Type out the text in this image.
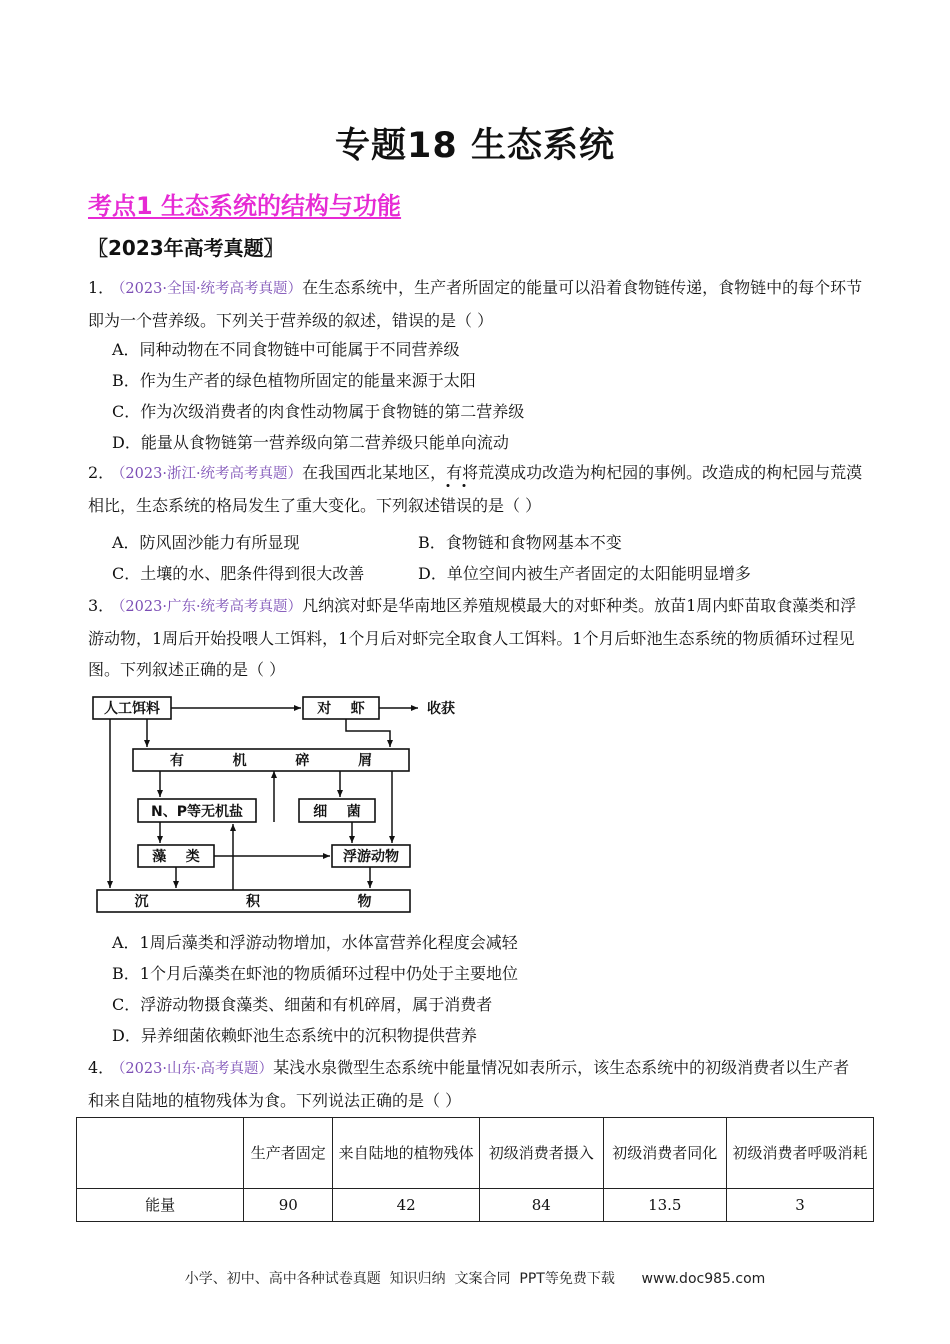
专题18 生态系统
考点1 生态系统的结构与功能
〖2023年高考真题〗
1． （2023·全国·统考高考真题）在生态系统中，生产者所固定的能量可以沿着食物链传递，食物链中的每个环节即为一个营养级。下列关于营养级的叙述，错误的是（ ）
A．同种动物在不同食物链中可能属于不同营养级
B．作为生产者的绿色植物所固定的能量来源于太阳
C．作为次级消费者的肉食性动物属于食物链的第二营养级
D．能量从食物链第一营养级向第二营养级只能单向流动
2． （2023·浙江·统考高考真题）在我国西北某地区，有将荒漠成功改造为枸杞园的事例。改造成的枸杞园与荒漠相比，生态系统的格局发生了重大变化。下列叙述错误的是（ ）
A．防风固沙能力有所显现	B．食物链和食物网基本不变
C．土壤的水、肥条件得到很大改善	D．单位空间内被生产者固定的太阳能明显增多
3． （2023·广东·统考高考真题）凡纳滨对虾是华南地区养殖规模最大的对虾种类。放苗1周内虾苗取食藻类和浮游动物，1周后开始投喂人工饵料，1个月后对虾完全取食人工饵料。1个月后虾池生态系统的物质循环过程见图。下列叙述正确的是（ ）
人工饵料	对    虾	收获
有          机          碎          屑
N、P等无机盐	细    菌
藻    类	浮游动物
沉                    积                    物
A．1周后藻类和浮游动物增加，水体富营养化程度会减轻
B．1个月后藻类在虾池的物质循环过程中仍处于主要地位
C．浮游动物摄食藻类、细菌和有机碎屑，属于消费者
D．异养细菌依赖虾池生态系统中的沉积物提供营养
4． （2023·山东·高考真题）某浅水泉微型生态系统中能量情况如表所示，该生态系统中的初级消费者以生产者和来自陆地的植物残体为食。下列说法正确的是（ ）
	生产者固定	来自陆地的植物残体	初级消费者摄入	初级消费者同化	初级消费者呼吸消耗
能量	90	42	84	13.5	3
小学、初中、高中各种试卷真题  知识归纳  文案合同  PPT等免费下载      www.doc985.com
